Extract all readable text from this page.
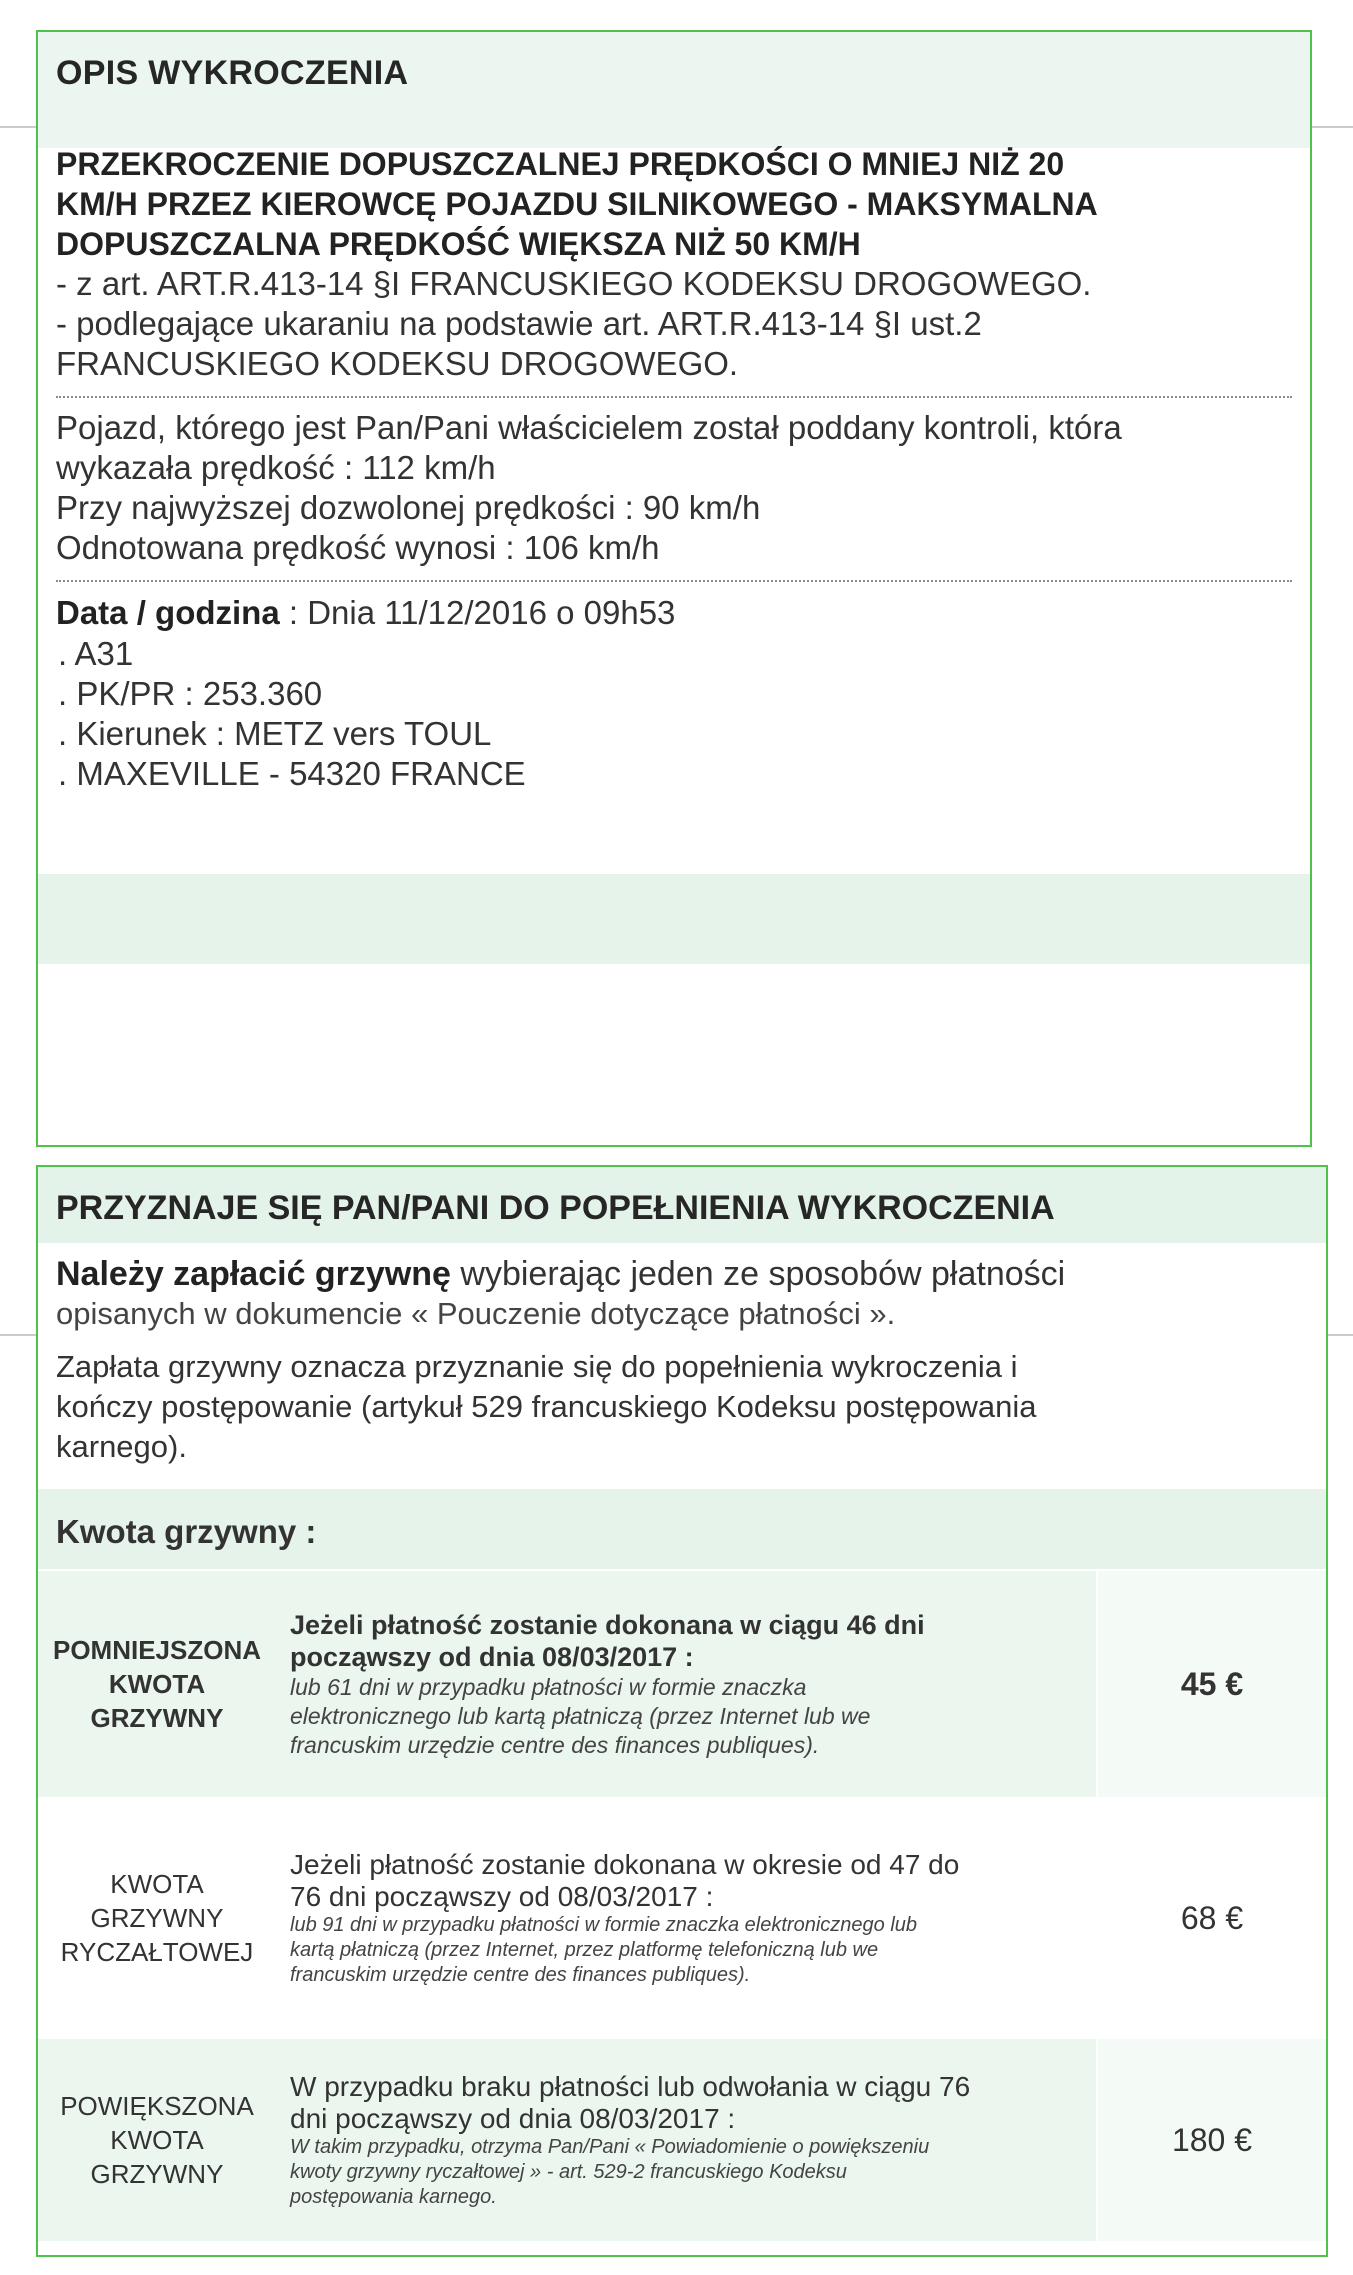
OPIS WYKROCZENIA
PRZEKROCZENIE DOPUSZCZALNEJ PRĘDKOŚCI O MNIEJ NIŻ 20
KM/H PRZEZ KIEROWCĘ POJAZDU SILNIKOWEGO - MAKSYMALNA
DOPUSZCZALNA PRĘDKOŚĆ WIĘKSZA NIŻ 50 KM/H
- z art. ART.R.413-14 §I FRANCUSKIEGO KODEKSU DROGOWEGO.
- podlegające ukaraniu na podstawie art. ART.R.413-14 §I ust.2
FRANCUSKIEGO KODEKSU DROGOWEGO.
Pojazd, którego jest Pan/Pani właścicielem został poddany kontroli, która
wykazała prędkość : 112 km/h
Przy najwyższej dozwolonej prędkości : 90 km/h
Odnotowana prędkość wynosi : 106 km/h
Data / godzina : Dnia 11/12/2016 o 09h53
. A31
. PK/PR : 253.360
. Kierunek : METZ vers TOUL
. MAXEVILLE - 54320 FRANCE
PRZYZNAJE SIĘ PAN/PANI DO POPEŁNIENIA WYKROCZENIA
Należy zapłacić grzywnę wybierając jeden ze sposobów płatności
opisanych w dokumencie « Pouczenie dotyczące płatności ».
Zapłata grzywny oznacza przyznanie się do popełnienia wykroczenia i
kończy postępowanie (artykuł 529 francuskiego Kodeksu postępowania
karnego).
Kwota grzywny :
POMNIEJSZONA
KWOTA
GRZYWNY
Jeżeli płatność zostanie dokonana w ciągu 46 dni
począwszy od dnia 08/03/2017 :
lub 61 dni w przypadku płatności w formie znaczka
elektronicznego lub kartą płatniczą (przez Internet lub we
francuskim urzędzie centre des finances publiques).
45 €
KWOTA
GRZYWNY
RYCZAŁTOWEJ
Jeżeli płatność zostanie dokonana w okresie od 47 do
76 dni począwszy od 08/03/2017 :
lub 91 dni w przypadku płatności w formie znaczka elektronicznego lub
kartą płatniczą (przez Internet, przez platformę telefoniczną lub we
francuskim urzędzie centre des finances publiques).
68 €
POWIĘKSZONA
KWOTA
GRZYWNY
W przypadku braku płatności lub odwołania w ciągu 76
dni począwszy od dnia 08/03/2017 :
W takim przypadku, otrzyma Pan/Pani « Powiadomienie o powiększeniu
kwoty grzywny ryczałtowej » - art. 529-2 francuskiego Kodeksu
postępowania karnego.
180 €
